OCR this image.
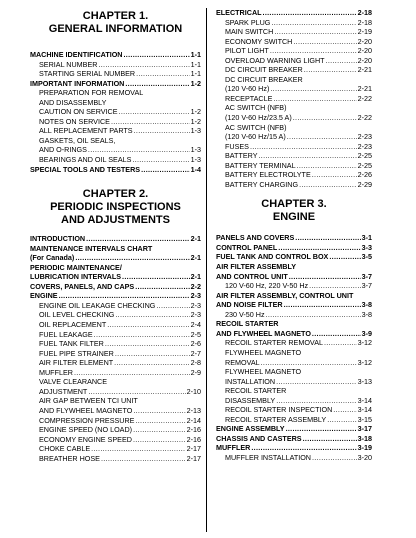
CHAPTER 1.
GENERAL INFORMATION
MACHINE IDENTIFICATION .....	1-1
SERIAL NUMBER .....	1-1
STARTING SERIAL NUMBER .....	1-1
IMPORTANT INFORMATION .....	1-2
PREPARATION FOR REMOVAL
AND DISASSEMBLY
CAUTION ON SERVICE .....	1-2
NOTES ON SERVICE .....	1-2
ALL REPLACEMENT PARTS .....	1-3
GASKETS, OIL SEALS,
AND O-RINGS .....	1-3
BEARINGS AND OIL SEALS .....	1-3
SPECIAL TOOLS AND TESTERS .....	1-4
CHAPTER 2.
PERIODIC INSPECTIONS
AND ADJUSTMENTS
INTRODUCTION .....	2-1
MAINTENANCE INTERVALS CHART
(For Canada) .....	2-1
PERIODIC MAINTENANCE/
LUBRICATION INTERVALS .....	2-1
COVERS, PANELS, AND CAPS .....	2-2
ENGINE .....	2-3
ENGINE OIL LEAKAGE CHECKING .....	2-3
OIL LEVEL CHECKING .....	2-3
OIL REPLACEMENT .....	2-4
FUEL LEAKAGE .....	2-5
FUEL TANK FILTER .....	2-6
FUEL PIPE STRAINER .....	2-7
AIR FILTER ELEMENT .....	2-8
MUFFLER .....	2-9
VALVE CLEARANCE
ADJUSTMENT .....	2-10
AIR GAP BETWEEN TCI UNIT
AND FLYWHEEL MAGNETO .....	2-13
COMPRESSION PRESSURE .....	2-14
ENGINE SPEED (NO LOAD) .....	2-16
ECONOMY ENGINE SPEED .....	2-16
CHOKE CABLE .....	2-17
BREATHER HOSE .....	2-17
ELECTRICAL .....	2-18
SPARK PLUG .....	2-18
MAIN SWITCH .....	2-19
ECONOMY SWITCH .....	2-20
PILOT LIGHT .....	2-20
OVERLOAD WARNING LIGHT .....	2-20
DC CIRCUIT BREAKER .....	2-21
DC CIRCUIT BREAKER
(120 V-60 Hz) .....	2-21
RECEPTACLE .....	2-22
AC SWITCH (NFB)
(120 V-60 Hz/23.5 A) .....	2-22
AC SWITCH (NFB)
(120 V-60 Hz/15 A) .....	2-23
FUSES .....	2-23
BATTERY .....	2-25
BATTERY TERMINAL .....	2-25
BATTERY ELECTROLYTE .....	2-26
BATTERY CHARGING .....	2-29
CHAPTER 3.
ENGINE
PANELS AND COVERS .....	3-1
CONTROL PANEL .....	3-3
FUEL TANK AND CONTROL BOX .....	3-5
AIR FILTER ASSEMBLY
AND CONTROL UNIT .....	3-7
120 V-60 Hz, 220 V-50 Hz .....	3-7
AIR FILTER ASSEMBLY, CONTROL UNIT
AND NOISE FILTER .....	3-8
230 V-50 Hz .....	3-8
RECOIL STARTER
AND FLYWHEEL MAGNETO .....	3-9
RECOIL STARTER REMOVAL .....	3-12
FLYWHEEL MAGNETO
REMOVAL .....	3-12
FLYWHEEL MAGNETO
INSTALLATION .....	3-13
RECOIL STARTER
DISASSEMBLY .....	3-14
RECOIL STARTER INSPECTION .....	3-14
RECOIL STARTER ASSEMBLY .....	3-15
ENGINE ASSEMBLY .....	3-17
CHASSIS AND CASTERS .....	3-18
MUFFLER .....	3-19
MUFFLER INSTALLATION .....	3-20
